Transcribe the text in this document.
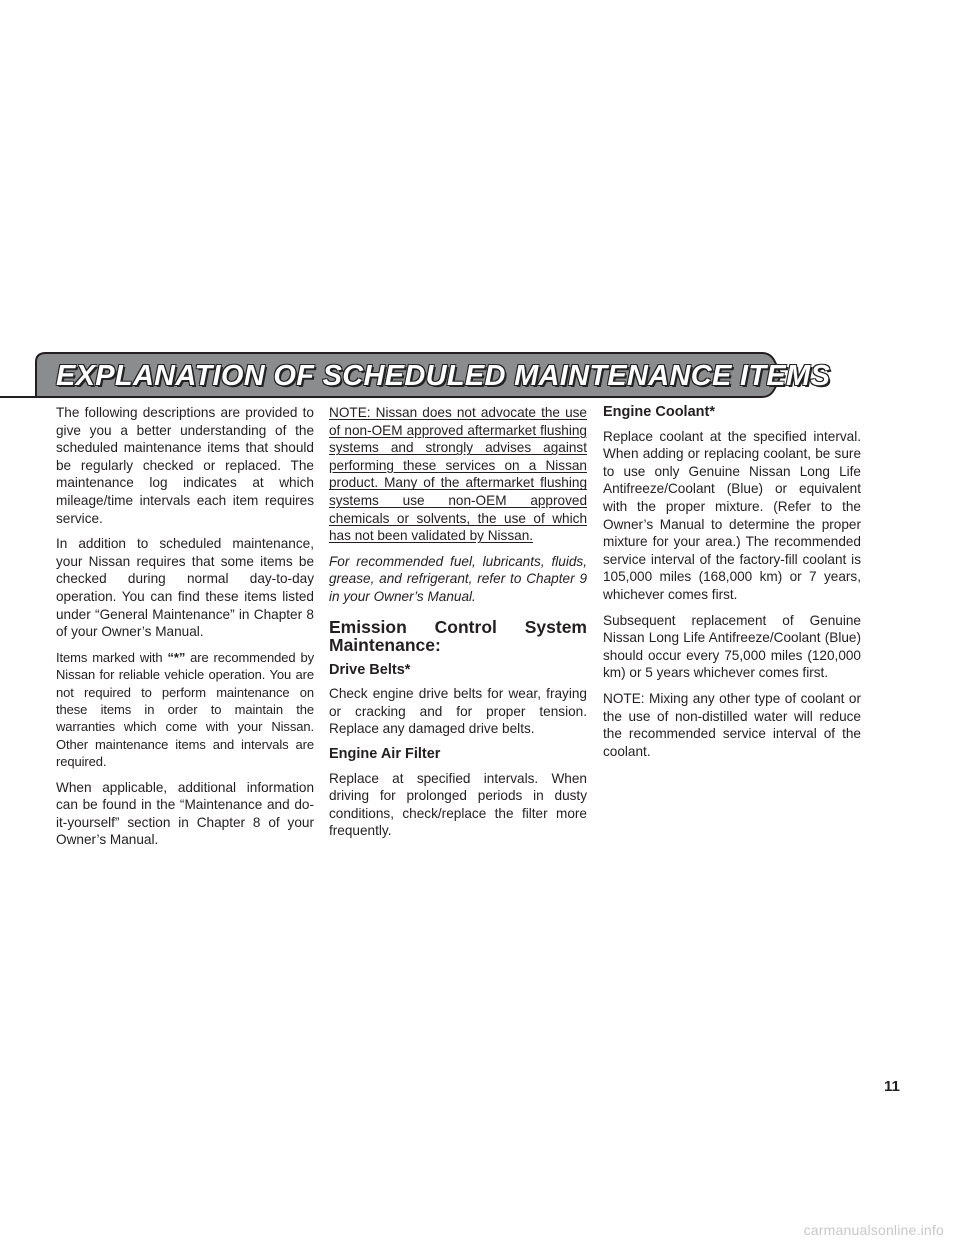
EXPLANATION OF SCHEDULED MAINTENANCE ITEMS

The following descriptions are provided to give you a better understanding of the scheduled maintenance items that should be regularly checked or replaced. The maintenance log indicates at which mileage/time intervals each item requires service.

In addition to scheduled maintenance, your Nissan requires that some items be checked during normal day-to-day operation. You can find these items listed under “General Maintenance” in Chapter 8 of your Owner’s Manual.

Items marked with “*” are recommended by Nissan for reliable vehicle operation. You are not required to perform maintenance on these items in order to maintain the warranties which come with your Nissan. Other maintenance items and intervals are required.

When applicable, additional information can be found in the “Maintenance and do-it-yourself” section in Chapter 8 of your Owner’s Manual.

NOTE: Nissan does not advocate the use of non-OEM approved aftermarket flushing systems and strongly advises against performing these services on a Nissan product. Many of the aftermarket flushing systems use non-OEM approved chemicals or solvents, the use of which has not been validated by Nissan.

For recommended fuel, lubricants, fluids, grease, and refrigerant, refer to Chapter 9 in your Owner’s Manual.

Emission Control System Maintenance:
Drive Belts*

Check engine drive belts for wear, fraying or cracking and for proper tension. Replace any damaged drive belts.

Engine Air Filter

Replace at specified intervals. When driving for prolonged periods in dusty conditions, check/replace the filter more frequently.

Engine Coolant*

Replace coolant at the specified interval. When adding or replacing coolant, be sure to use only Genuine Nissan Long Life Antifreeze/Coolant (Blue) or equivalent with the proper mixture. (Refer to the Owner’s Manual to determine the proper mixture for your area.) The recommended service interval of the factory-fill coolant is 105,000 miles (168,000 km) or 7 years, whichever comes first.

Subsequent replacement of Genuine Nissan Long Life Antifreeze/Coolant (Blue) should occur every 75,000 miles (120,000 km) or 5 years whichever comes first.

NOTE: Mixing any other type of coolant or the use of non-distilled water will reduce the recommended service interval of the coolant.

11
carmanualsonline.info
